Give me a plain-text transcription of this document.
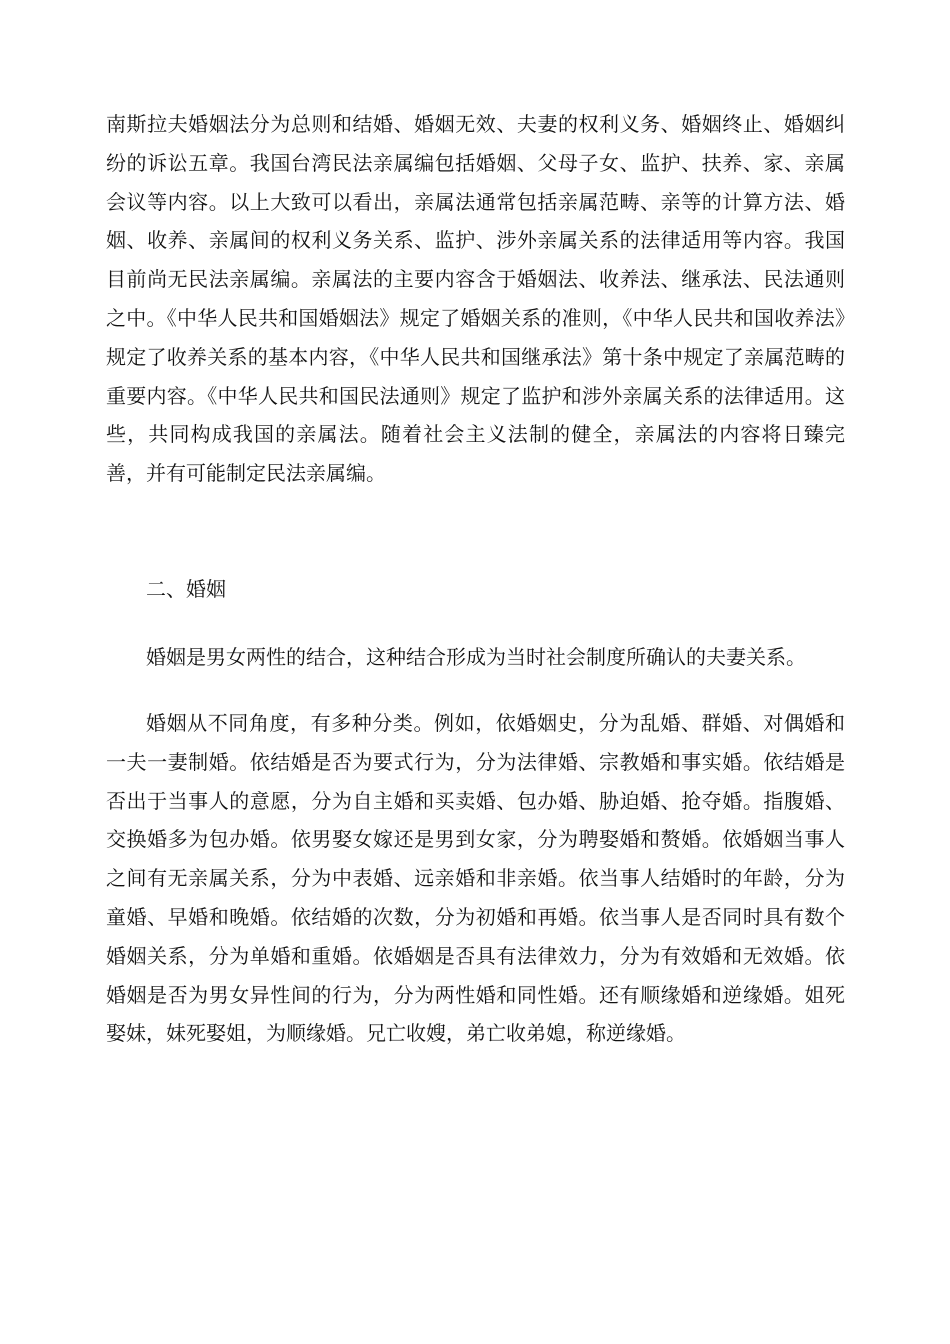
南斯拉夫婚姻法分为总则和结婚、婚姻无效、夫妻的权利义务、婚姻终止、婚姻纠纷的诉讼五章。我国台湾民法亲属编包括婚姻、父母子女、监护、扶养、家、亲属会议等内容。以上大致可以看出，亲属法通常包括亲属范畴、亲等的计算方法、婚姻、收养、亲属间的权利义务关系、监护、涉外亲属关系的法律适用等内容。我国目前尚无民法亲属编。亲属法的主要内容含于婚姻法、收养法、继承法、民法通则之中。《中华人民共和国婚姻法》规定了婚姻关系的准则，《中华人民共和国收养法》规定了收养关系的基本内容，《中华人民共和国继承法》第十条中规定了亲属范畴的重要内容。《中华人民共和国民法通则》规定了监护和涉外亲属关系的法律适用。这些，共同构成我国的亲属法。随着社会主义法制的健全，亲属法的内容将日臻完善，并有可能制定民法亲属编。

二、婚姻

婚姻是男女两性的结合，这种结合形成为当时社会制度所确认的夫妻关系。

婚姻从不同角度，有多种分类。例如，依婚姻史，分为乱婚、群婚、对偶婚和一夫一妻制婚。依结婚是否为要式行为，分为法律婚、宗教婚和事实婚。依结婚是否出于当事人的意愿，分为自主婚和买卖婚、包办婚、胁迫婚、抢夺婚。指腹婚、交换婚多为包办婚。依男娶女嫁还是男到女家，分为聘娶婚和赘婚。依婚姻当事人之间有无亲属关系，分为中表婚、远亲婚和非亲婚。依当事人结婚时的年龄，分为童婚、早婚和晚婚。依结婚的次数，分为初婚和再婚。依当事人是否同时具有数个婚姻关系，分为单婚和重婚。依婚姻是否具有法律效力，分为有效婚和无效婚。依婚姻是否为男女异性间的行为，分为两性婚和同性婚。还有顺缘婚和逆缘婚。姐死娶妹，妹死娶姐，为顺缘婚。兄亡收嫂，弟亡收弟媳，称逆缘婚。
